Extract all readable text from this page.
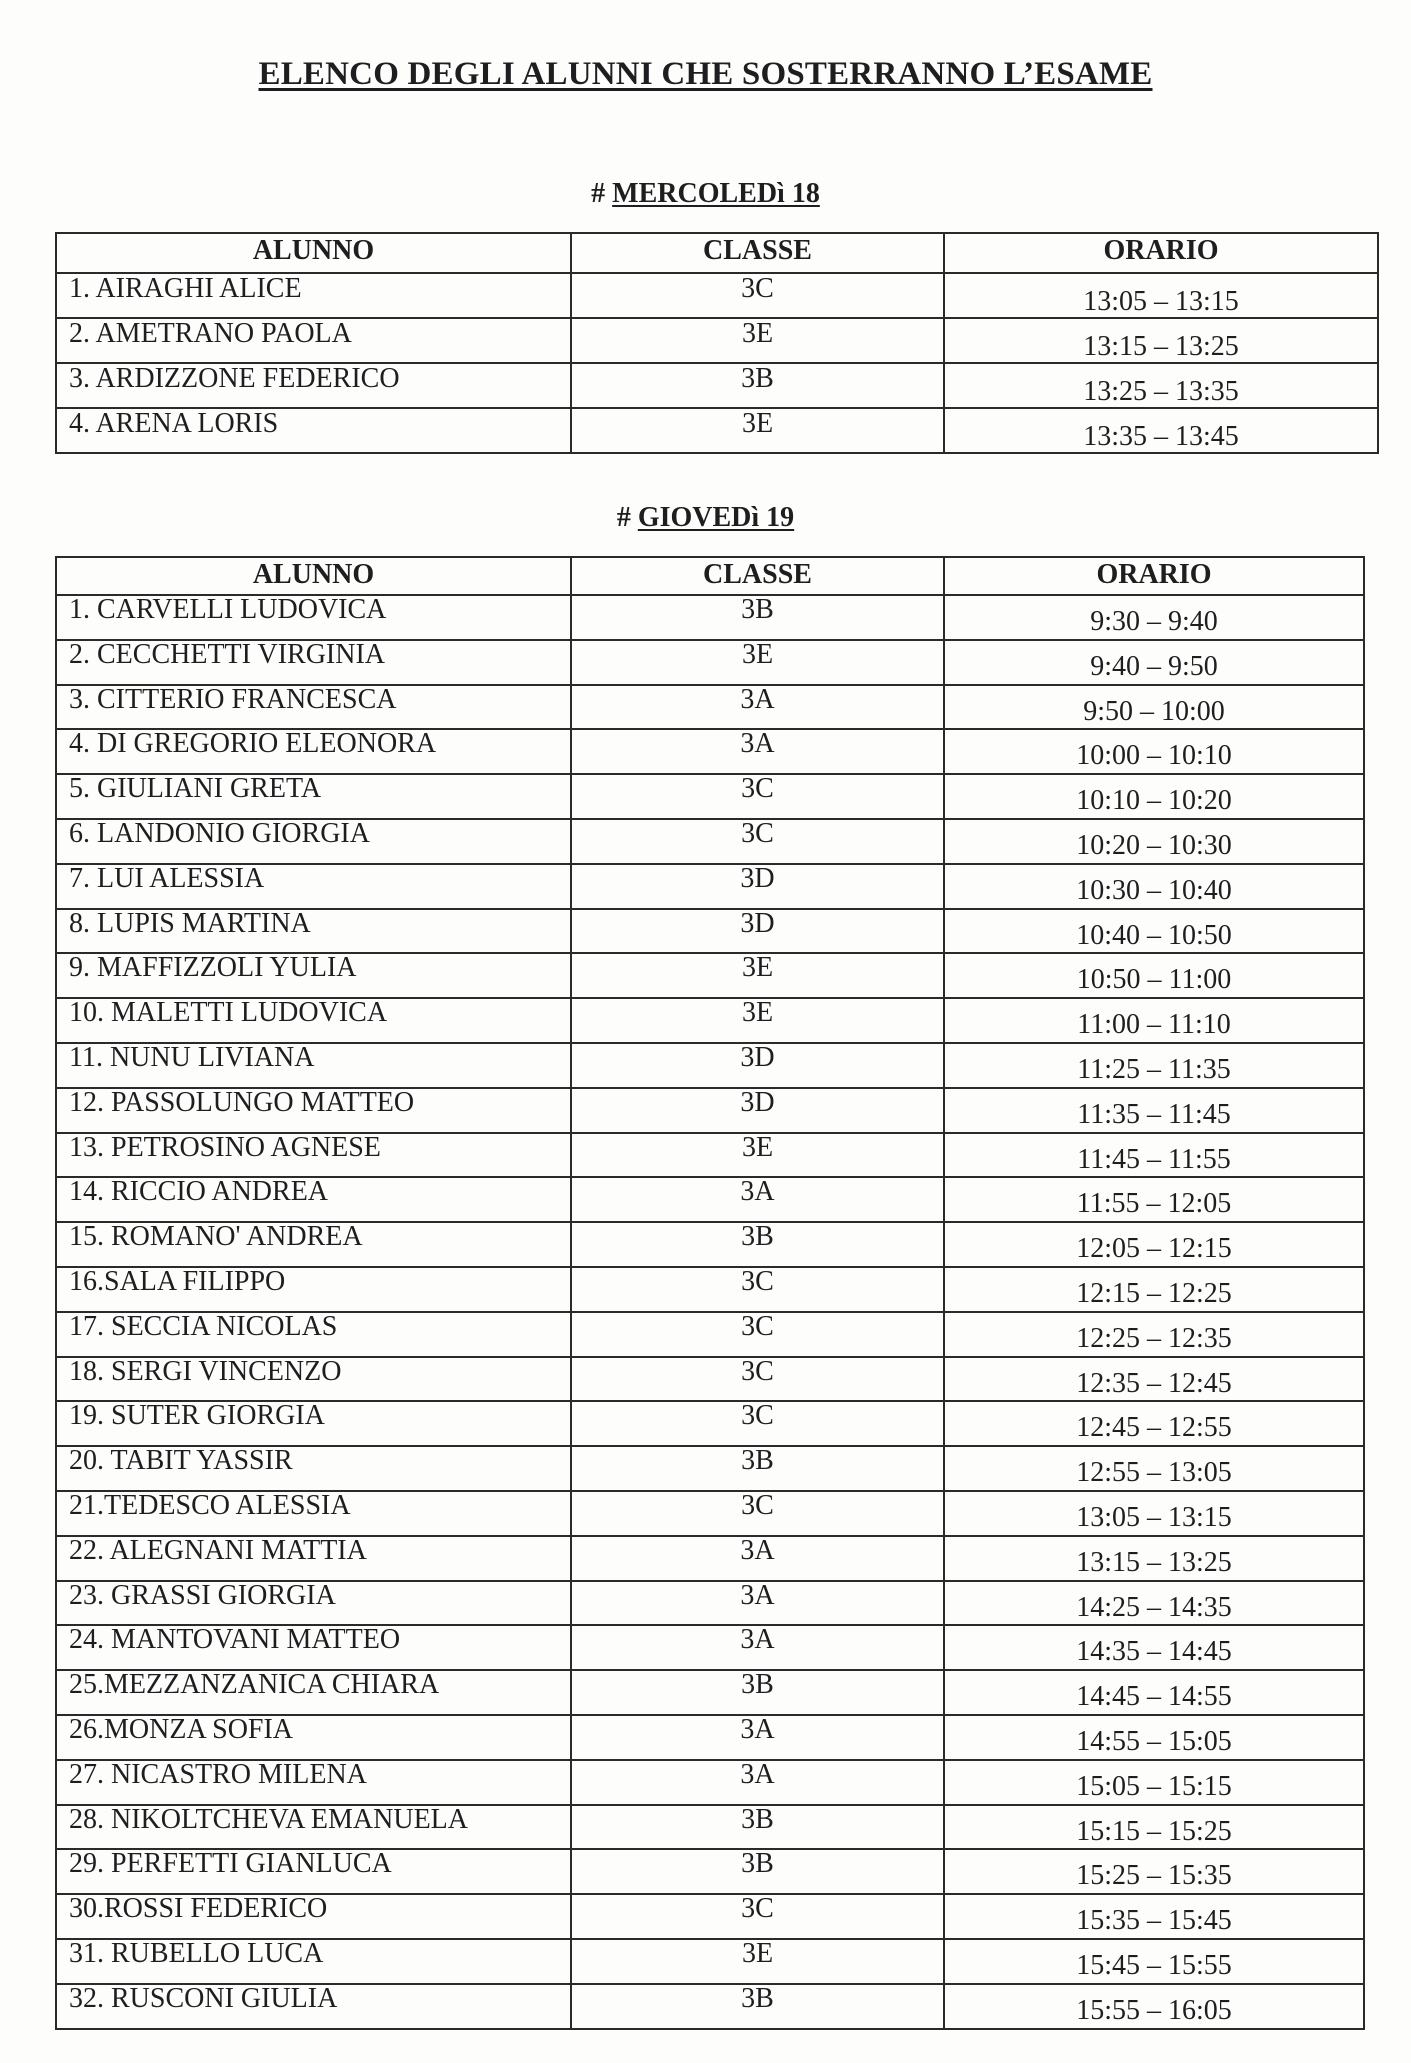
ELENCO DEGLI ALUNNI CHE SOSTERRANNO L’ESAME
# MERCOLEDì 18
ALUNNO	CLASSE	ORARIO
1. AIRAGHI ALICE	3C	13:05 – 13:15
2. AMETRANO PAOLA	3E	13:15 – 13:25
3. ARDIZZONE FEDERICO	3B	13:25 – 13:35
4. ARENA LORIS	3E	13:35 – 13:45
# GIOVEDì 19
ALUNNO	CLASSE	ORARIO
1. CARVELLI LUDOVICA	3B	9:30 – 9:40
2. CECCHETTI VIRGINIA	3E	9:40 – 9:50
3. CITTERIO FRANCESCA	3A	9:50 – 10:00
4. DI GREGORIO ELEONORA	3A	10:00 – 10:10
5. GIULIANI GRETA	3C	10:10 – 10:20
6. LANDONIO GIORGIA	3C	10:20 – 10:30
7. LUI ALESSIA	3D	10:30 – 10:40
8. LUPIS MARTINA	3D	10:40 – 10:50
9. MAFFIZZOLI YULIA	3E	10:50 – 11:00
10. MALETTI LUDOVICA	3E	11:00 – 11:10
11. NUNU LIVIANA	3D	11:25 – 11:35
12. PASSOLUNGO MATTEO	3D	11:35 – 11:45
13. PETROSINO AGNESE	3E	11:45 – 11:55
14. RICCIO ANDREA	3A	11:55 – 12:05
15. ROMANO' ANDREA	3B	12:05 – 12:15
16.SALA FILIPPO	3C	12:15 – 12:25
17. SECCIA NICOLAS	3C	12:25 – 12:35
18. SERGI VINCENZO	3C	12:35 – 12:45
19. SUTER GIORGIA	3C	12:45 – 12:55
20. TABIT YASSIR	3B	12:55 – 13:05
21.TEDESCO ALESSIA	3C	13:05 – 13:15
22. ALEGNANI MATTIA	3A	13:15 – 13:25
23. GRASSI GIORGIA	3A	14:25 – 14:35
24. MANTOVANI MATTEO	3A	14:35 – 14:45
25.MEZZANZANICA CHIARA	3B	14:45 – 14:55
26.MONZA SOFIA	3A	14:55 – 15:05
27. NICASTRO MILENA	3A	15:05 – 15:15
28. NIKOLTCHEVA EMANUELA	3B	15:15 – 15:25
29. PERFETTI GIANLUCA	3B	15:25 – 15:35
30.ROSSI FEDERICO	3C	15:35 – 15:45
31. RUBELLO LUCA	3E	15:45 – 15:55
32. RUSCONI GIULIA	3B	15:55 – 16:05
